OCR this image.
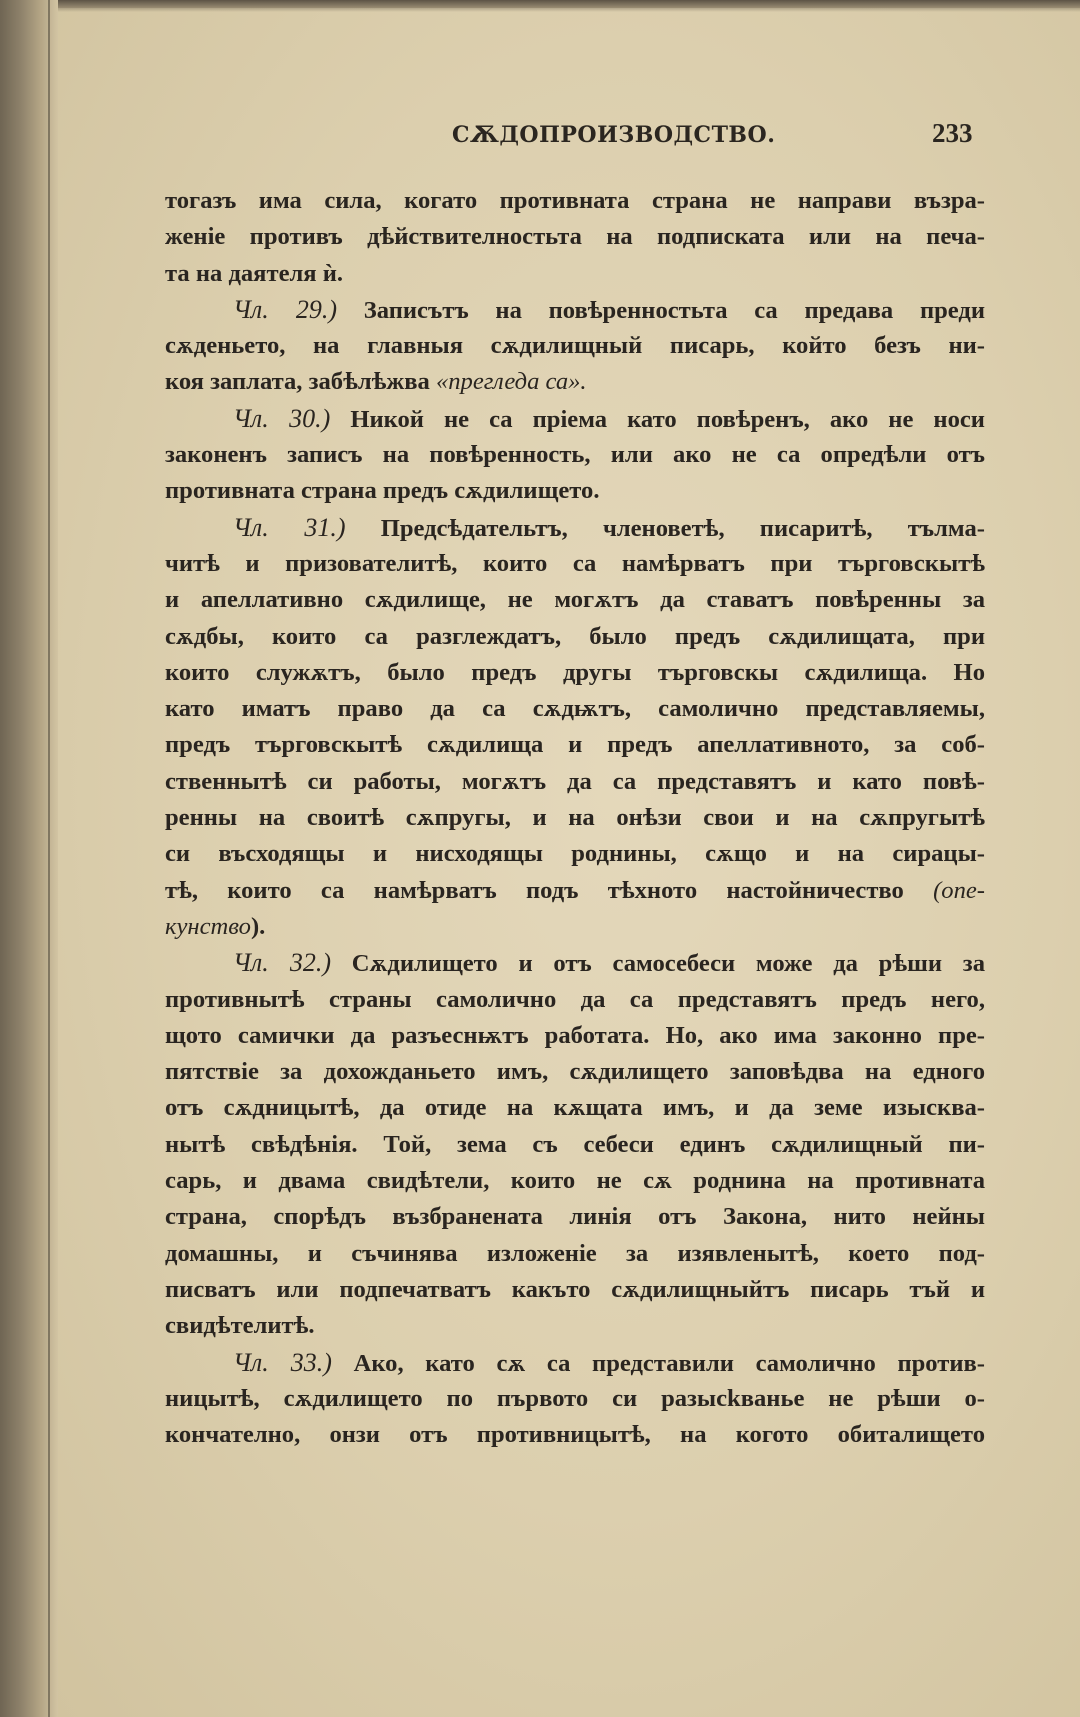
СѪДОПРОИЗВОДСТВО.	233
тогазъ има сила, когато противната страна не направи възра-
женіе противъ дѣйствителностьта на подписката или на печа-
та на даятеля ѝ.
Чл. 29.) Записътъ на повѣренностьта са предава преди
сѫденьето, на главныя сѫдилищный писарь, който безъ ни-
коя заплата, забѣлѣжва «прегледа са».
Чл. 30.) Никой не са пріема като повѣренъ, ако не носи
законенъ записъ на повѣренность, или ако не са опредѣли отъ
противната страна предъ сѫдилището.
Чл. 31.) Предсѣдательтъ, членоветѣ, писаритѣ, тълма-
читѣ и призователитѣ, които са намѣрватъ при търговскытѣ
и апеллативно сѫдилище, не могѫтъ да ставатъ повѣренны за
сѫдбы, които са разглеждатъ, было предъ сѫдилищата, при
които служѫтъ, было предъ другы търговскы сѫдилища. Но
като иматъ право да са сѫдѭтъ, самолично представляемы,
предъ търговскытѣ сѫдилища и предъ апеллативното, за соб-
ственнытѣ си работы, могѫтъ да са представятъ и като повѣ-
ренны на своитѣ сѫпругы, и на онѣзи свои и на сѫпругытѣ
си въсходящы и нисходящы роднины, сѫщо и на сирацы-
тѣ, които са намѣрватъ подъ тѣхното настойничество (опе-
кунство).
Чл. 32.) Сѫдилището и отъ самосебеси може да рѣши за
противнытѣ страны самолично да са представятъ предъ него,
щото самички да разъеснѭтъ работата. Но, ако има законно пре-
пятствіе за дохожданьето имъ, сѫдилището заповѣдва на едного
отъ сѫдницытѣ, да отиде на кѫщата имъ, и да земе изысква-
нытѣ свѣдѣнія. Той, зема съ себеси единъ сѫдилищный пи-
сарь, и двама свидѣтели, които не сѫ роднина на противната
страна, спорѣдъ възбраненатa линія отъ Закона, нито нейны
домашны, и съчинява изложеніе за изявленытѣ, което под-
писватъ или подпечатватъ какъто сѫдилищныйтъ писарь тъй и
свидѣтелитѣ.
Чл. 33.) Ако, като сѫ са представили самолично против-
ницытѣ, сѫдилището по първото си разысkванье не рѣши о-
кончателно, онзи отъ противницытѣ, на когото обиталището
